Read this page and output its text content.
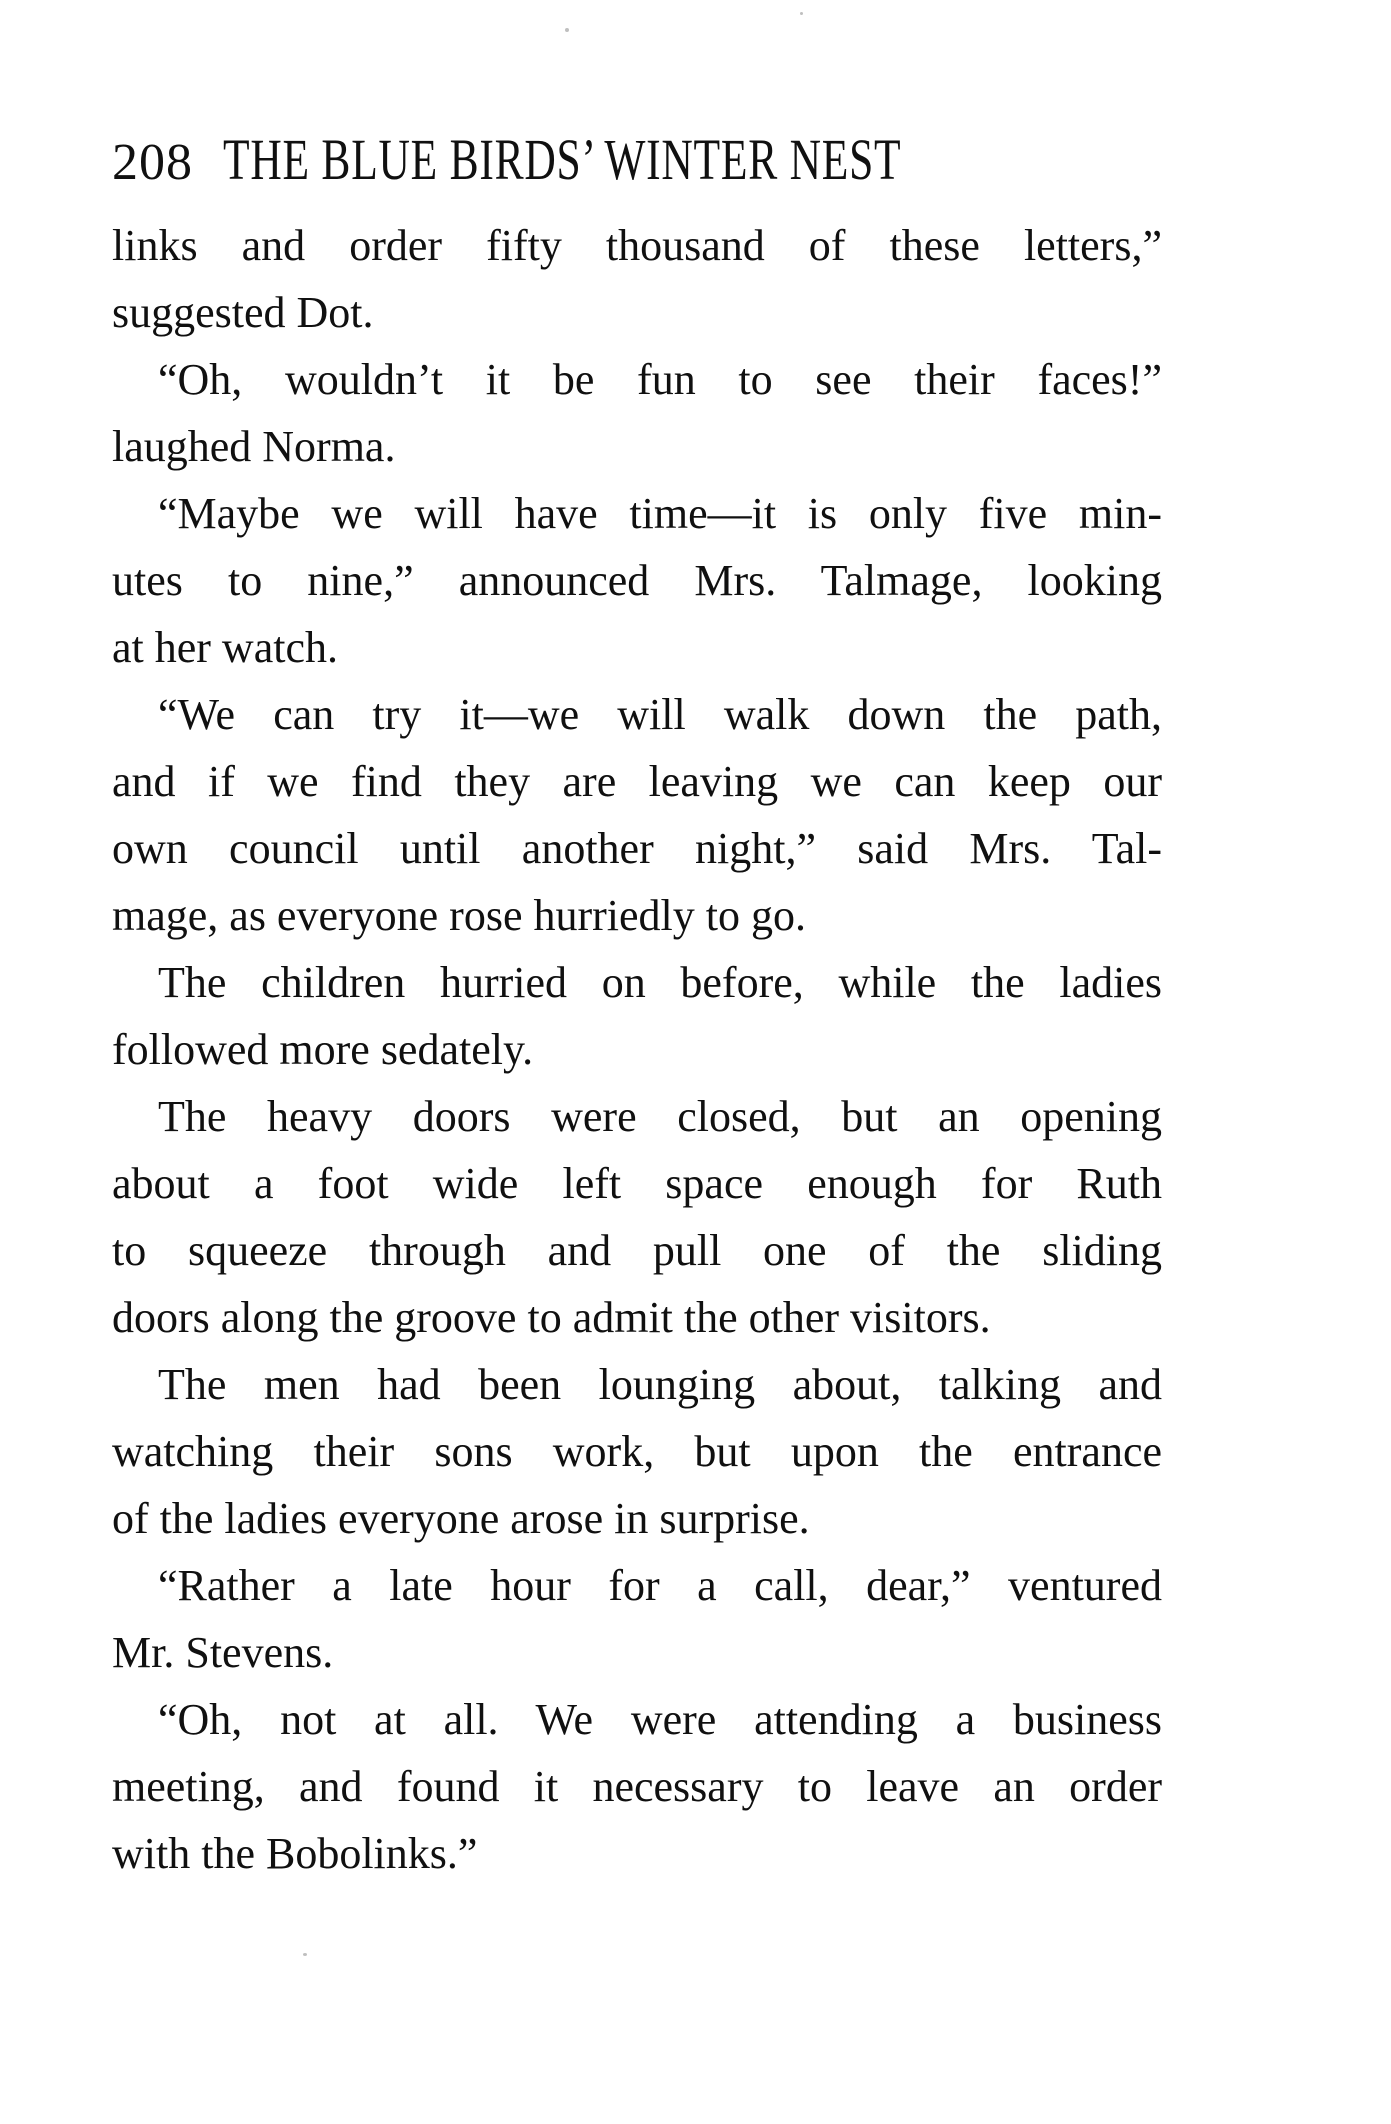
208 THE BLUE BIRDS’ WINTER NEST
links and order fifty thousand of these letters,”
suggested Dot.
“Oh, wouldn’t it be fun to see their faces!”
laughed Norma.
“Maybe we will have time—it is only five min-
utes to nine,” announced Mrs. Talmage, looking
at her watch.
“We can try it—we will walk down the path,
and if we find they are leaving we can keep our
own council until another night,” said Mrs. Tal-
mage, as everyone rose hurriedly to go.
The children hurried on before, while the ladies
followed more sedately.
The heavy doors were closed, but an opening
about a foot wide left space enough for Ruth
to squeeze through and pull one of the sliding
doors along the groove to admit the other visitors.
The men had been lounging about, talking and
watching their sons work, but upon the entrance
of the ladies everyone arose in surprise.
“Rather a late hour for a call, dear,” ventured
Mr. Stevens.
“Oh, not at all. We were attending a business
meeting, and found it necessary to leave an order
with the Bobolinks.”
